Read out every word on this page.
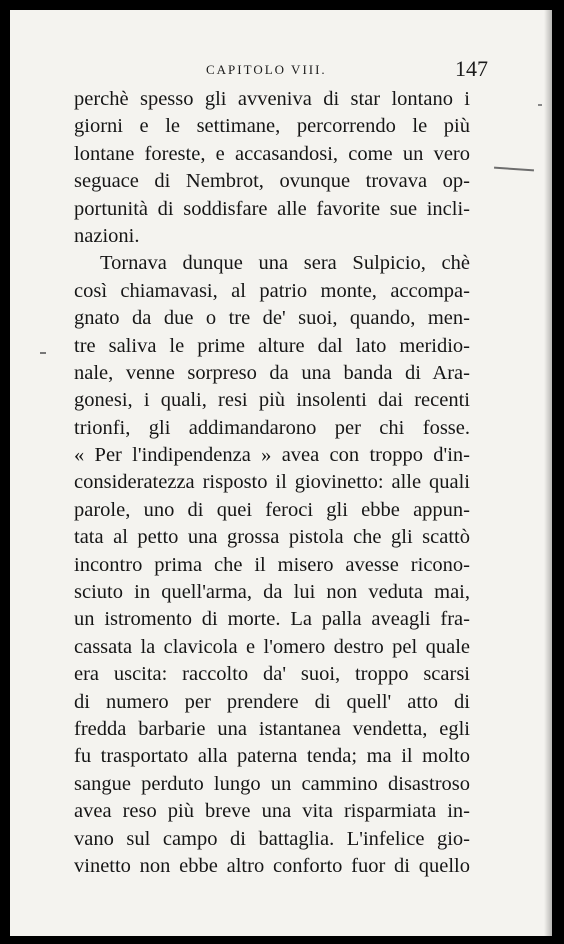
CAPITOLO VIII.	147
perchè spesso gli avveniva di star lontano i
giorni e le settimane, percorrendo le più
lontane foreste, e accasandosi, come un vero
seguace di Nembrot, ovunque trovava op-
portunità di soddisfare alle favorite sue incli-
nazioni.
Tornava dunque una sera Sulpicio, chè
così chiamavasi, al patrio monte, accompa-
gnato da due o tre de' suoi, quando, men-
tre saliva le prime alture dal lato meridio-
nale, venne sorpreso da una banda di Ara-
gonesi, i quali, resi più insolenti dai recenti
trionfi, gli addimandarono per chi fosse.
« Per l'indipendenza » avea con troppo d'in-
consideratezza risposto il giovinetto: alle quali
parole, uno di quei feroci gli ebbe appun-
tata al petto una grossa pistola che gli scattò
incontro prima che il misero avesse ricono-
sciuto in quell'arma, da lui non veduta mai,
un istromento di morte. La palla aveagli fra-
cassata la clavicola e l'omero destro pel quale
era uscita: raccolto da' suoi, troppo scarsi
di numero per prendere di quell' atto di
fredda barbarie una istantanea vendetta, egli
fu trasportato alla paterna tenda; ma il molto
sangue perduto lungo un cammino disastroso
avea reso più breve una vita risparmiata in-
vano sul campo di battaglia. L'infelice gio-
vinetto non ebbe altro conforto fuor di quello
